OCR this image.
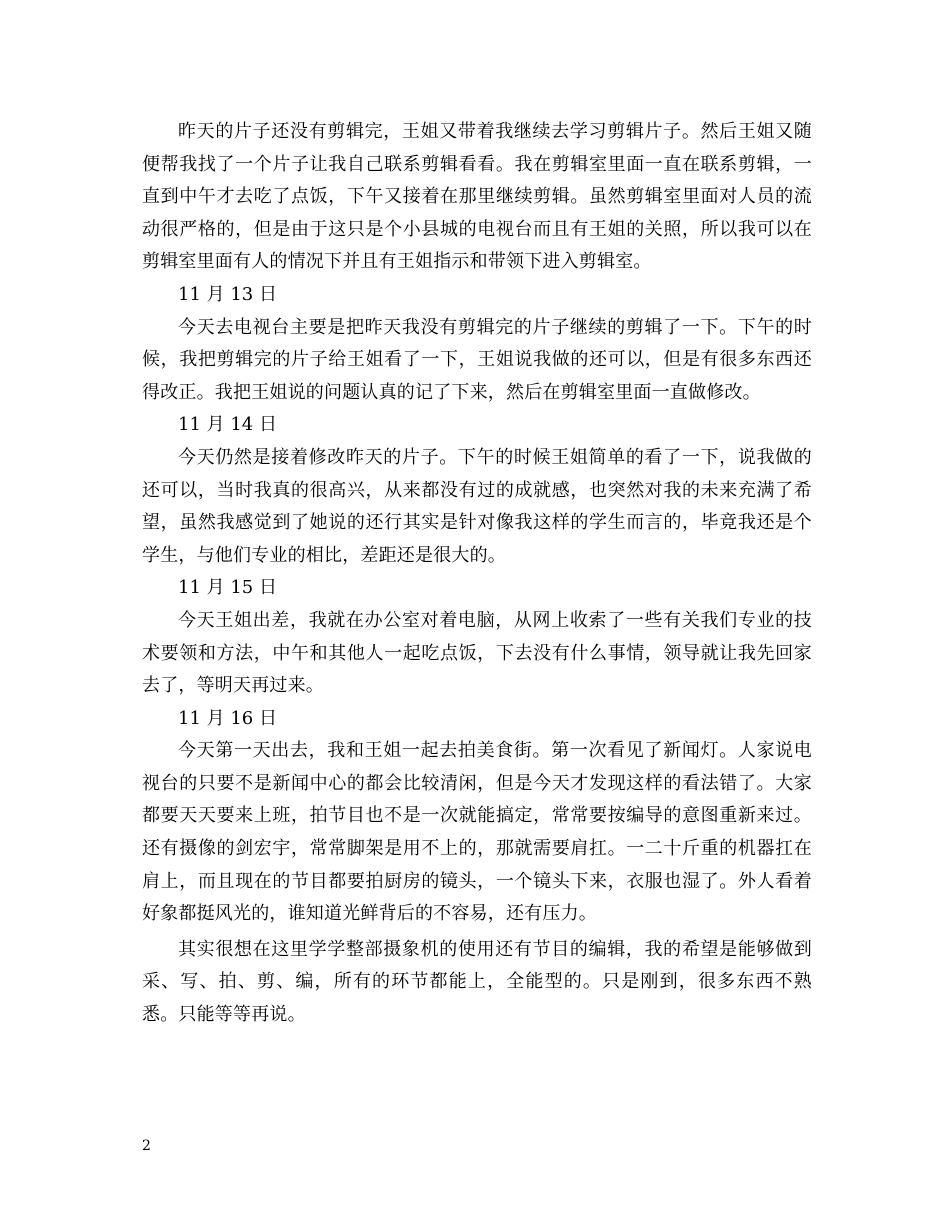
昨天的片子还没有剪辑完，王姐又带着我继续去学习剪辑片子。然后王姐又随便帮我找了一个片子让我自己联系剪辑看看。我在剪辑室里面一直在联系剪辑，一直到中午才去吃了点饭，下午又接着在那里继续剪辑。虽然剪辑室里面对人员的流动很严格的，但是由于这只是个小县城的电视台而且有王姐的关照，所以我可以在剪辑室里面有人的情况下并且有王姐指示和带领下进入剪辑室。

11 月 13 日

今天去电视台主要是把昨天我没有剪辑完的片子继续的剪辑了一下。下午的时候，我把剪辑完的片子给王姐看了一下，王姐说我做的还可以，但是有很多东西还得改正。我把王姐说的问题认真的记了下来，然后在剪辑室里面一直做修改。

11 月 14 日

今天仍然是接着修改昨天的片子。下午的时候王姐简单的看了一下，说我做的还可以，当时我真的很高兴，从来都没有过的成就感，也突然对我的未来充满了希望，虽然我感觉到了她说的还行其实是针对像我这样的学生而言的，毕竟我还是个学生，与他们专业的相比，差距还是很大的。

11 月 15 日

今天王姐出差，我就在办公室对着电脑，从网上收索了一些有关我们专业的技术要领和方法，中午和其他人一起吃点饭，下去没有什么事情，领导就让我先回家去了，等明天再过来。

11 月 16 日

今天第一天出去，我和王姐一起去拍美食街。第一次看见了新闻灯。人家说电视台的只要不是新闻中心的都会比较清闲，但是今天才发现这样的看法错了。大家都要天天要来上班，拍节目也不是一次就能搞定，常常要按编导的意图重新来过。还有摄像的剑宏宇，常常脚架是用不上的，那就需要肩扛。一二十斤重的机器扛在肩上，而且现在的节目都要拍厨房的镜头，一个镜头下来，衣服也湿了。外人看着好象都挺风光的，谁知道光鲜背后的不容易，还有压力。

其实很想在这里学学整部摄象机的使用还有节目的编辑，我的希望是能够做到采、写、拍、剪、编，所有的环节都能上，全能型的。只是刚到，很多东西不熟悉。只能等等再说。

2
